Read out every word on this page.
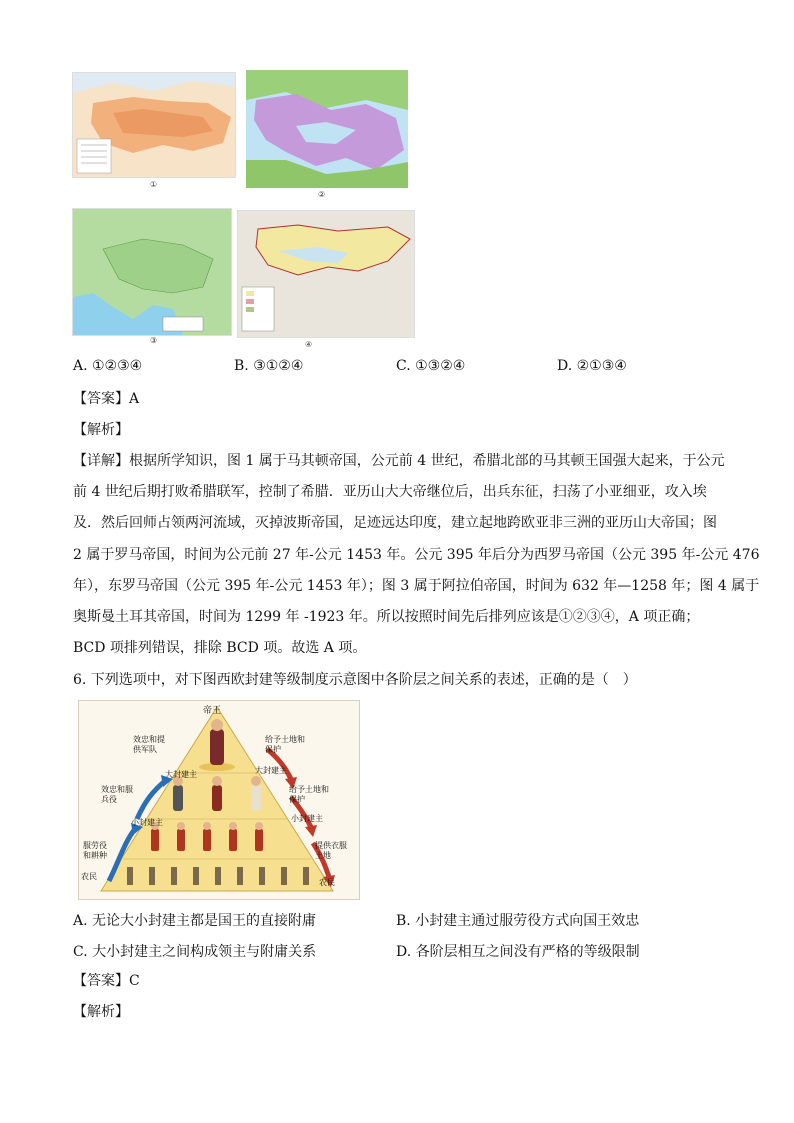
①
②
③	④
A. ①②③④	B. ③①②④	C. ①③②④	D. ②①③④
【答案】A
【解析】
【详解】根据所学知识，图 1 属于马其顿帝国，公元前 4 世纪，希腊北部的马其顿王国强大起来，于公元
前 4 世纪后期打败希腊联军，控制了希腊．亚历山大大帝继位后，出兵东征，扫荡了小亚细亚，攻入埃
及．然后回师占领两河流域，灭掉波斯帝国，足迹远达印度，建立起地跨欧亚非三洲的亚历山大帝国；图
2 属于罗马帝国，时间为公元前 27 年-公元 1453 年。公元 395 年后分为西罗马帝国（公元 395 年-公元 476
年），东罗马帝国（公元 395 年-公元 1453 年）；图 3 属于阿拉伯帝国，时间为 632 年—1258 年；图 4 属于
奥斯曼土耳其帝国，时间为 1299 年 -1923 年。所以按照时间先后排列应该是①②③④，A 项正确；
BCD 项排列错误，排除 BCD 项。故选 A 项。
6. 下列选项中，对下图西欧封建等级制度示意图中各阶层之间关系的表述，正确的是（　）
帝王
大封建主	大封建主
小封建主	小封建主
农民
农民
效忠和提供军队
效忠和服兵役
服劳役和耕种
给予土地和保护
给予土地和保护
提供衣服土地
A. 无论大小封建主都是国王的直接附庸	B. 小封建主通过服劳役方式向国王效忠
C. 大小封建主之间构成领主与附庸关系	D. 各阶层相互之间没有严格的等级限制
【答案】C
【解析】
